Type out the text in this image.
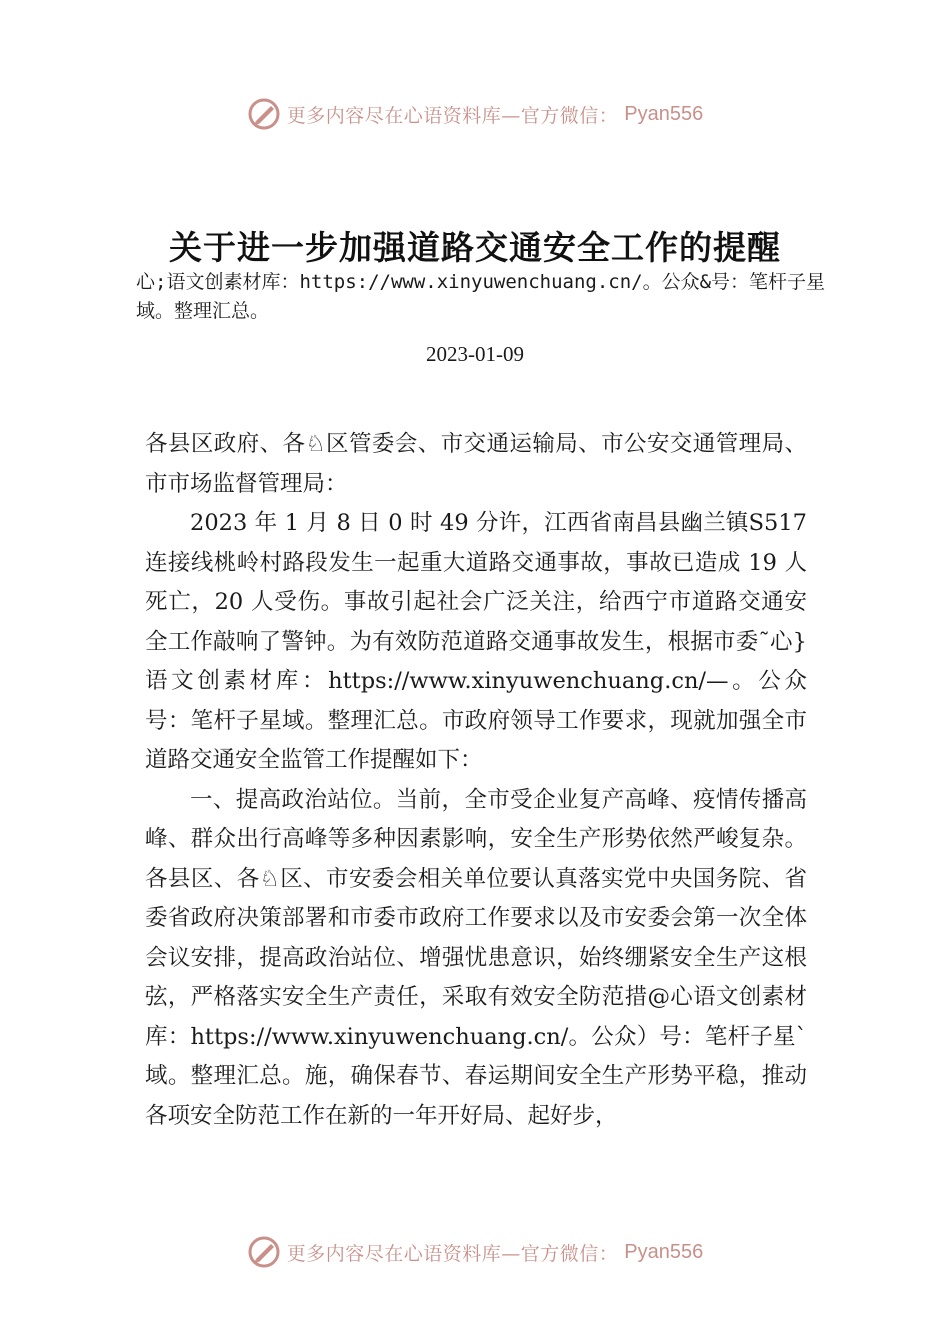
更多内容尽在心语资料库—官方微信： Pyan556
关于进一步加强道路交通安全工作的提醒
心;语文创素材库：https://www.xinyuwenchuang.cn/。公众&号：笔杆子星域。整理汇总。
2023-01-09

各县区政府、各♘区管委会、市交通运输局、市公安交通管理局、市市场监督管理局：

2023 年 1 月 8 日 0 时 49 分许，江西省南昌县幽兰镇S517 连接线桃岭村路段发生一起重大道路交通事故，事故已造成 19 人死亡，20 人受伤。事故引起社会广泛关注，给西宁市道路交通安全工作敲响了警钟。为有效防范道路交通事故发生，根据市委˜心}语文创素材库：https://www.xinyuwenchuang.cn/—。公众号：笔杆子星域。整理汇总。市政府领导工作要求，现就加强全市道路交通安全监管工作提醒如下：

一、提高政治站位。当前，全市受企业复产高峰、疫情传播高峰、群众出行高峰等多种因素影响，安全生产形势依然严峻复杂。各县区、各♘区、市安委会相关单位要认真落实党中央国务院、省委省政府决策部署和市委市政府工作要求以及市安委会第一次全体会议安排，提高政治站位、增强忧患意识，始终绷紧安全生产这根弦，严格落实安全生产责任，采取有效安全防范措@心语文创素材库：https://www.xinyuwenchuang.cn/。公众）号：笔杆子星`域。整理汇总。施，确保春节、春运期间安全生产形势平稳，推动各项安全防范工作在新的一年开好局、起好步，

更多内容尽在心语资料库—官方微信： Pyan556
